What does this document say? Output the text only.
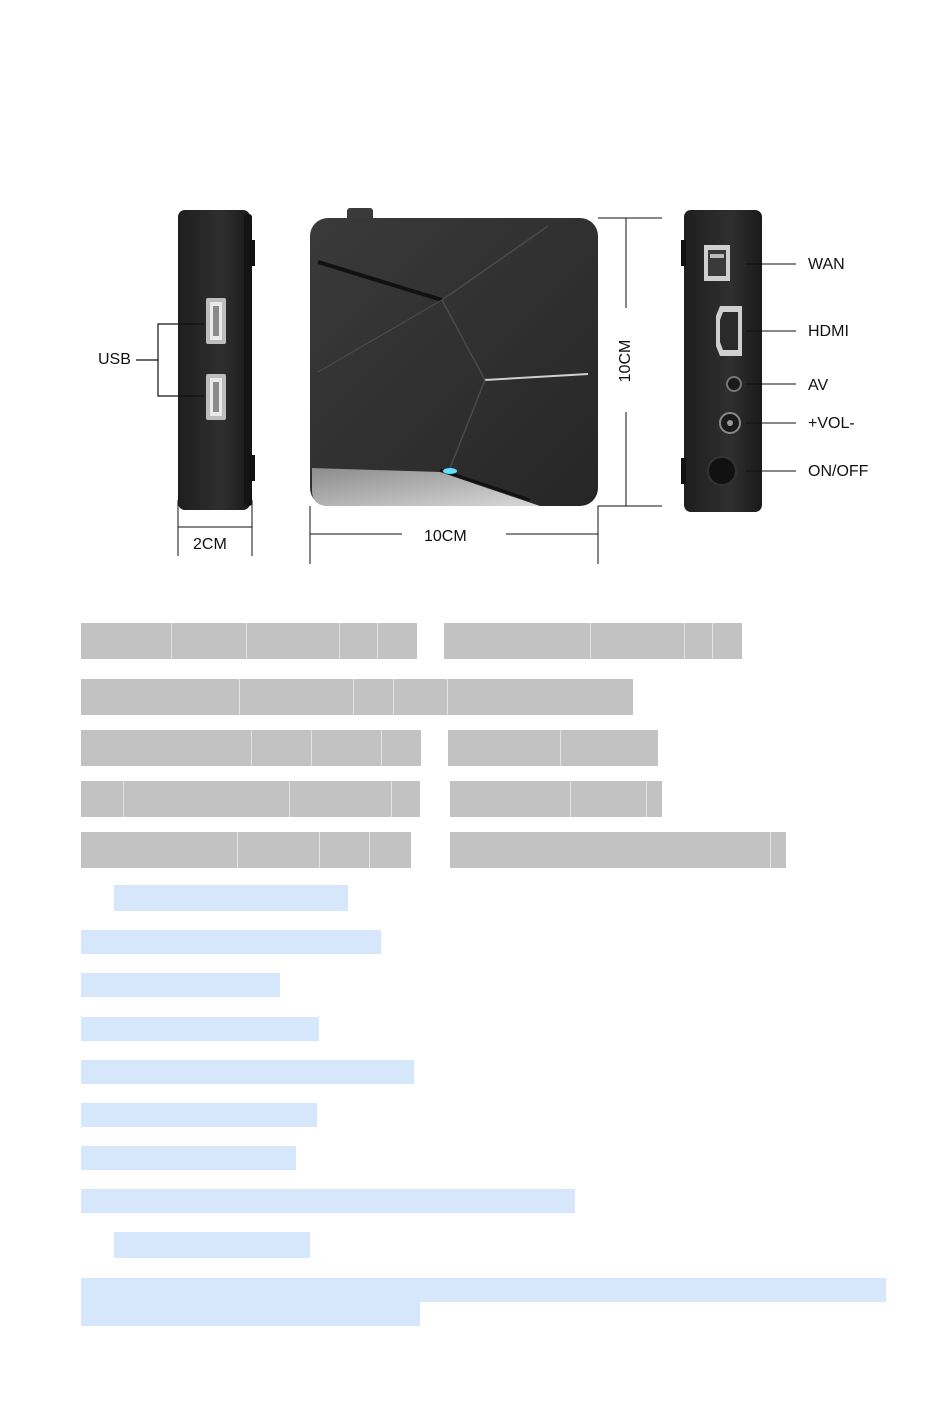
USB
2CM	10CM
10CM
WAN
HDMI
AV
+VOL-
ON/OFF
